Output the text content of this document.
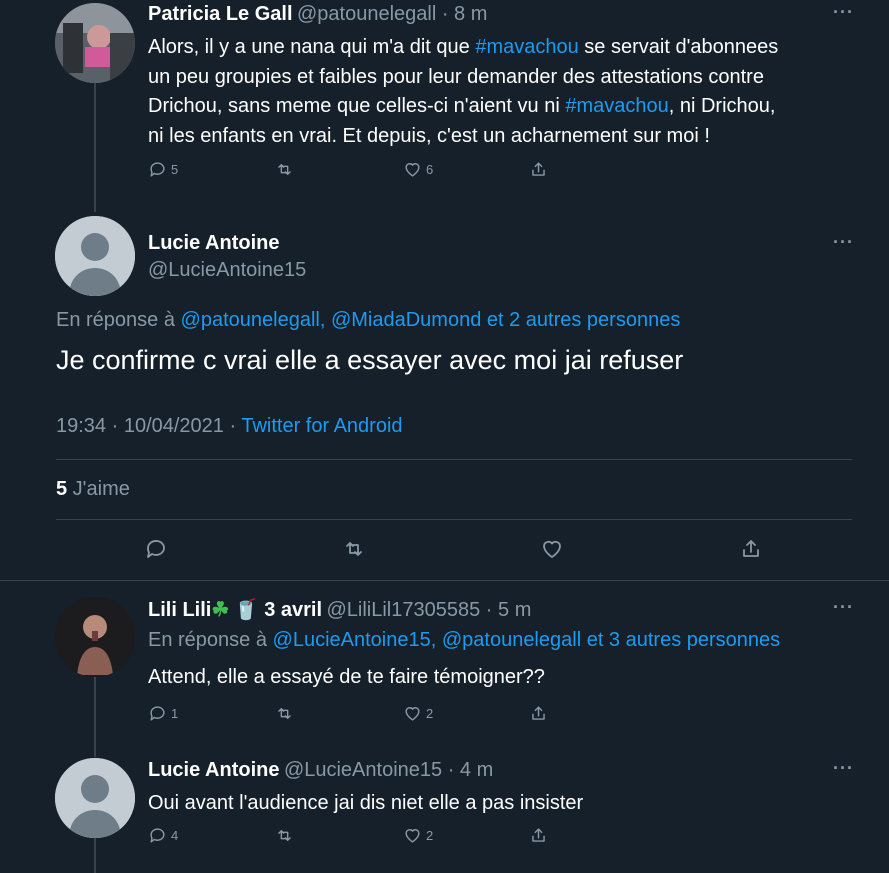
Patricia Le Gall @patounelegall · 8 m	···
Alors, il y a une nana qui m'a dit que #mavachou se servait d'abonnees
un peu groupies et faibles pour leur demander des attestations contre
Drichou, sans meme que celles-ci n'aient vu ni #mavachou, ni Drichou,
ni les enfants en vrai. Et depuis, c'est un acharnement sur moi !
5	6
Lucie Antoine
@LucieAntoine15
···
En réponse à @patounelegall, @MiadaDumond et 2 autres personnes
Je confirme c vrai elle a essayer avec moi jai refuser
19:34 · 10/04/2021 · Twitter for Android
5 J'aime
Lili Lili☘ 🥤 3 avril @LiliLil17305585 · 5 m	···
En réponse à @LucieAntoine15, @patounelegall et 3 autres personnes
Attend, elle a essayé de te faire témoigner??
1	2
Lucie Antoine @LucieAntoine15 · 4 m	···
Oui avant l'audience jai dis niet elle a pas insister
4	2
